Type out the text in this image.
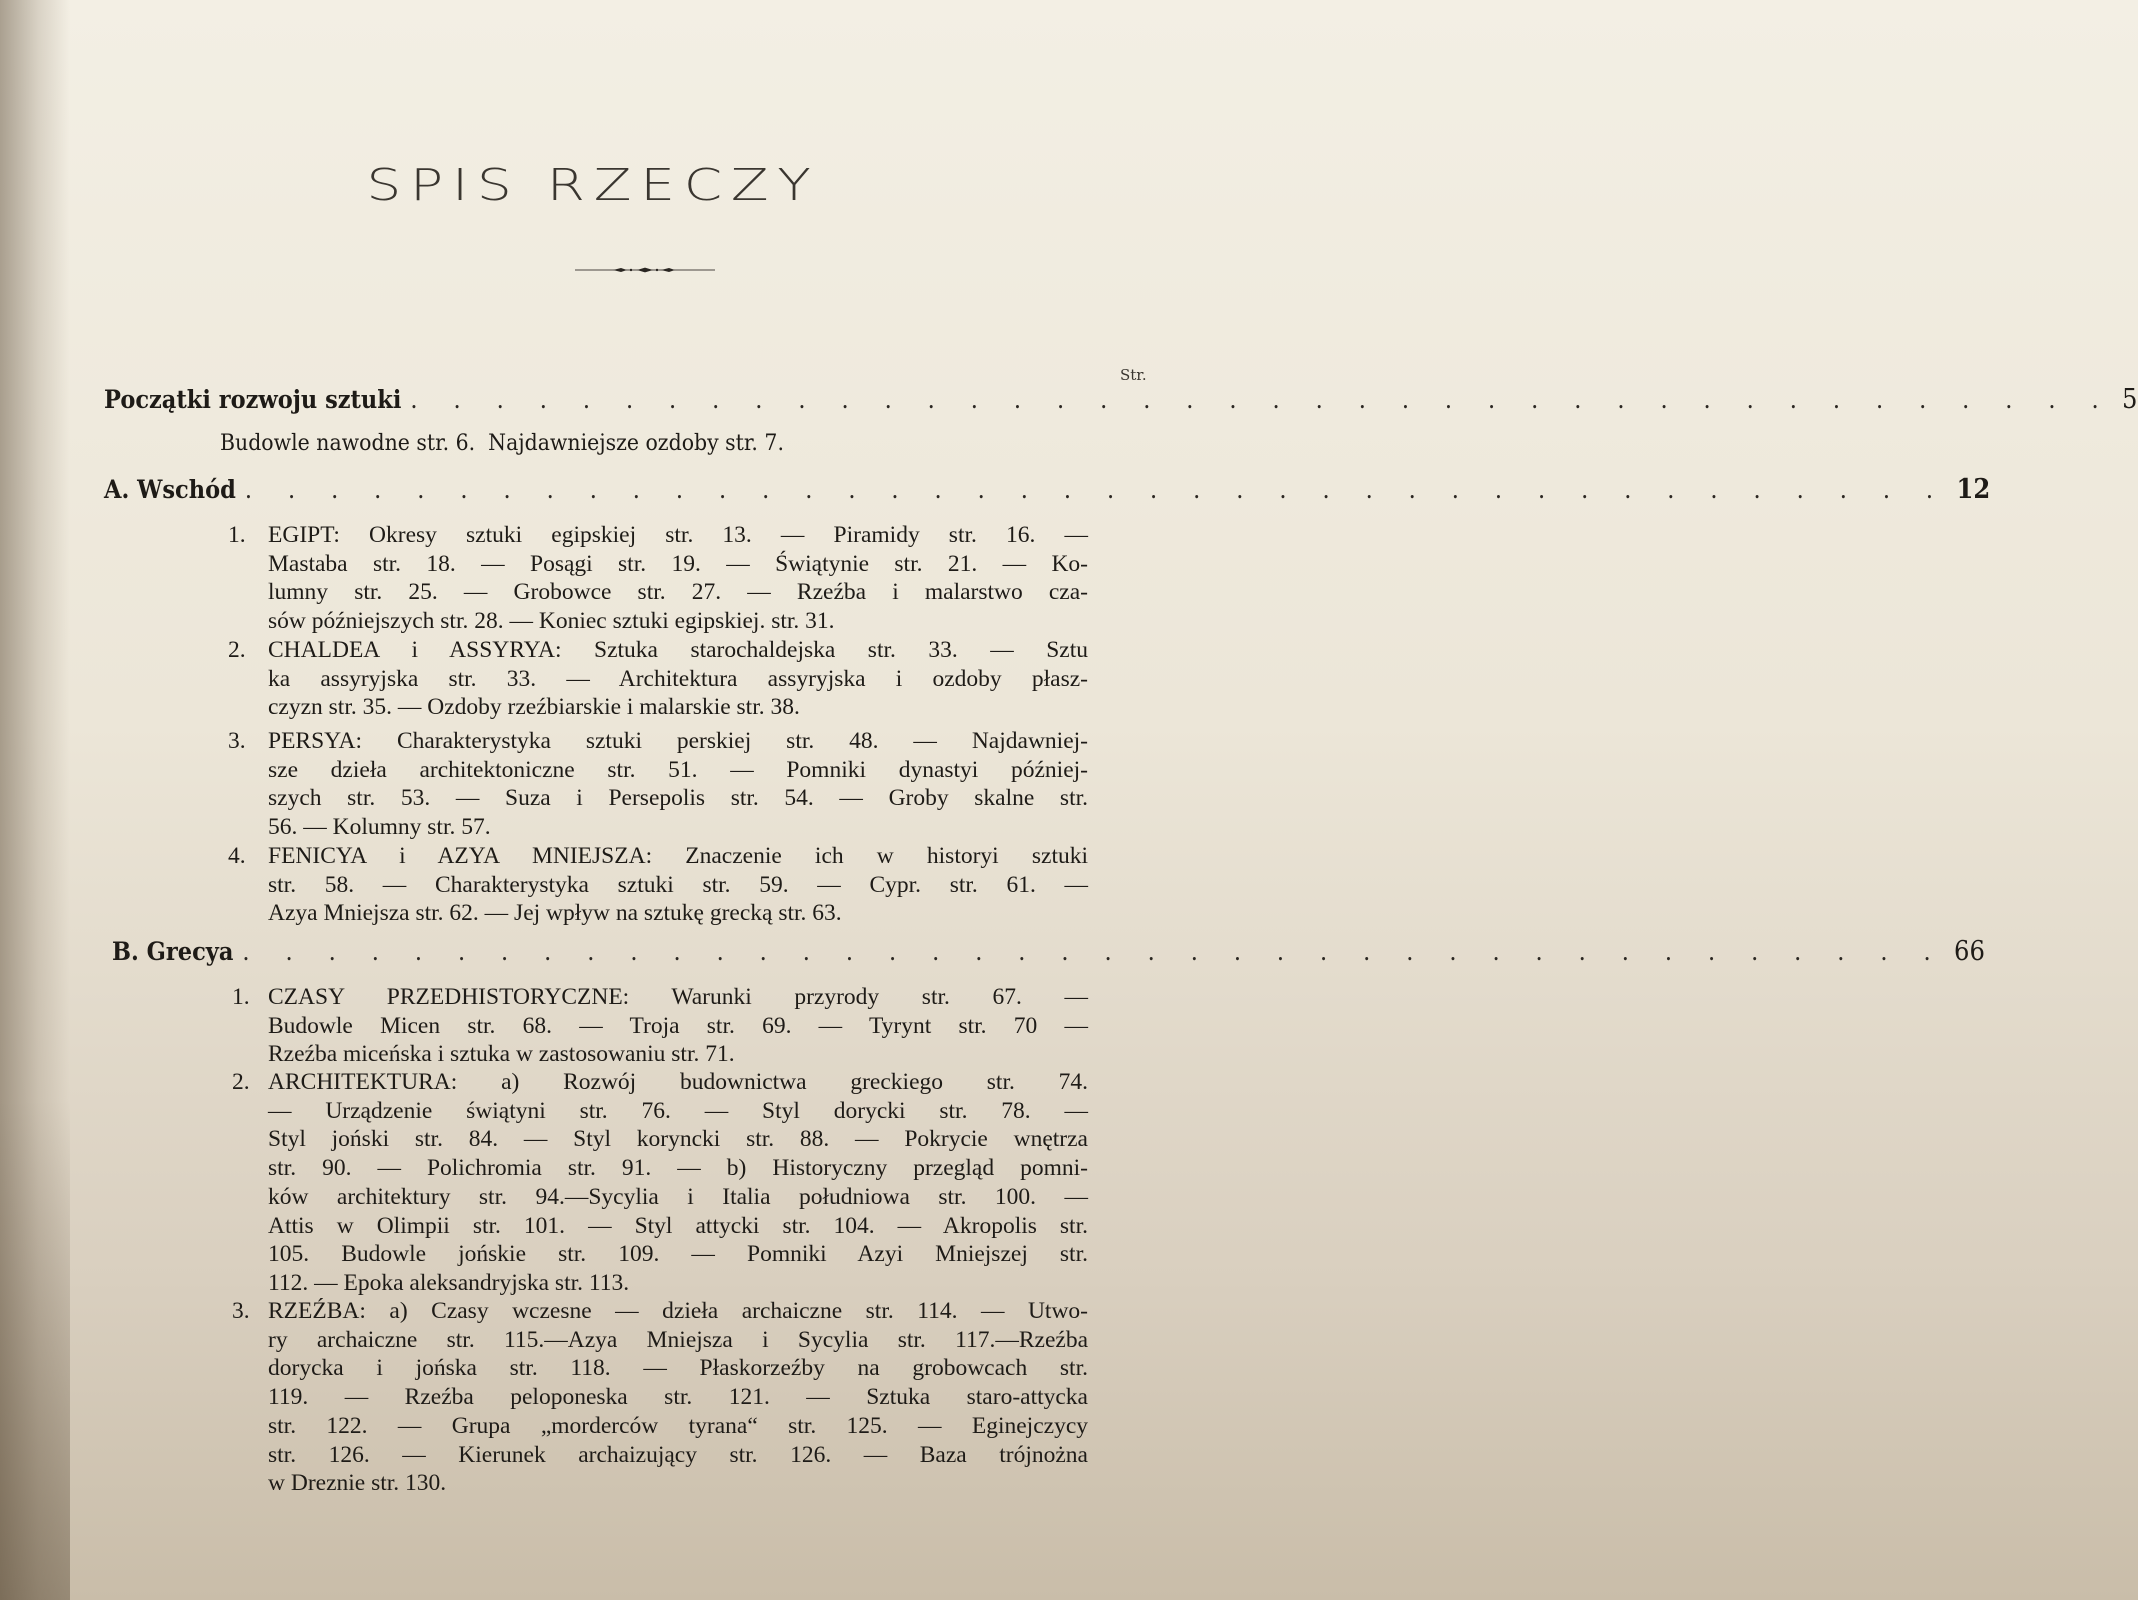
SPIS RZECZY
Str.
Początki rozwoju sztuki . . . . . . . . . . . . . . . . . . . . . . . . . . . . . . . . . . . . . . . . 5
Budowle nawodne str. 6.  Najdawniejsze ozdoby str. 7.
A. Wschód . . . . . . . . . . . . . . . . . . . . . . . . . . . . . . . . . . . . . . . . 12
1. EGIPT: Okresy sztuki egipskiej str. 13. — Piramidy str. 16. —
Mastaba str. 18. — Posągi str. 19. — Świątynie str. 21. — Ko-
lumny str. 25. — Grobowce str. 27. — Rzeźba i malarstwo cza-
sów późniejszych str. 28. — Koniec sztuki egipskiej. str. 31.
2. CHALDEA i ASSYRYA: Sztuka starochaldejska str. 33. — Sztu
ka assyryjska str. 33. — Architektura assyryjska i ozdoby płasz-
czyzn str. 35. — Ozdoby rzeźbiarskie i malarskie str. 38.
3. PERSYA: Charakterystyka sztuki perskiej str. 48. — Najdawniej-
sze dzieła architektoniczne str. 51. — Pomniki dynastyi później-
szych str. 53. — Suza i Persepolis str. 54. — Groby skalne str.
56. — Kolumny str. 57.
4. FENICYA i AZYA MNIEJSZA: Znaczenie ich w historyi sztuki
str. 58. — Charakterystyka sztuki str. 59. — Cypr. str. 61. —
Azya Mniejsza str. 62. — Jej wpływ na sztukę grecką str. 63.
B. Grecya . . . . . . . . . . . . . . . . . . . . . . . . . . . . . . . . . . . . . . . . 66
1. CZASY PRZEDHISTORYCZNE: Warunki przyrody str. 67. —
Budowle Micen str. 68. — Troja str. 69. — Tyrynt str. 70 —
Rzeźba miceńska i sztuka w zastosowaniu str. 71.
2. ARCHITEKTURA: a) Rozwój budownictwa greckiego str. 74.
— Urządzenie świątyni str. 76. — Styl dorycki str. 78. —
Styl joński str. 84. — Styl koryncki str. 88. — Pokrycie wnętrza
str. 90. — Polichromia str. 91. — b) Historyczny przegląd pomni-
ków architektury str. 94.—Sycylia i Italia południowa str. 100. —
Attis w Olimpii str. 101. — Styl attycki str. 104. — Akropolis str.
105. Budowle jońskie str. 109. — Pomniki Azyi Mniejszej str.
112. — Epoka aleksandryjska str. 113.
3. RZEŹBA: a) Czasy wczesne — dzieła archaiczne str. 114. — Utwo-
ry archaiczne str. 115.—Azya Mniejsza i Sycylia str. 117.—Rzeźba
dorycka i jońska str. 118. — Płaskorzeźby na grobowcach str.
119. — Rzeźba peloponeska str. 121. — Sztuka staro-attycka
str. 122. — Grupa „morderców tyrana“ str. 125. — Eginejczycy
str. 126. — Kierunek archaizujący str. 126. — Baza trójnożna
w Dreznie str. 130.
